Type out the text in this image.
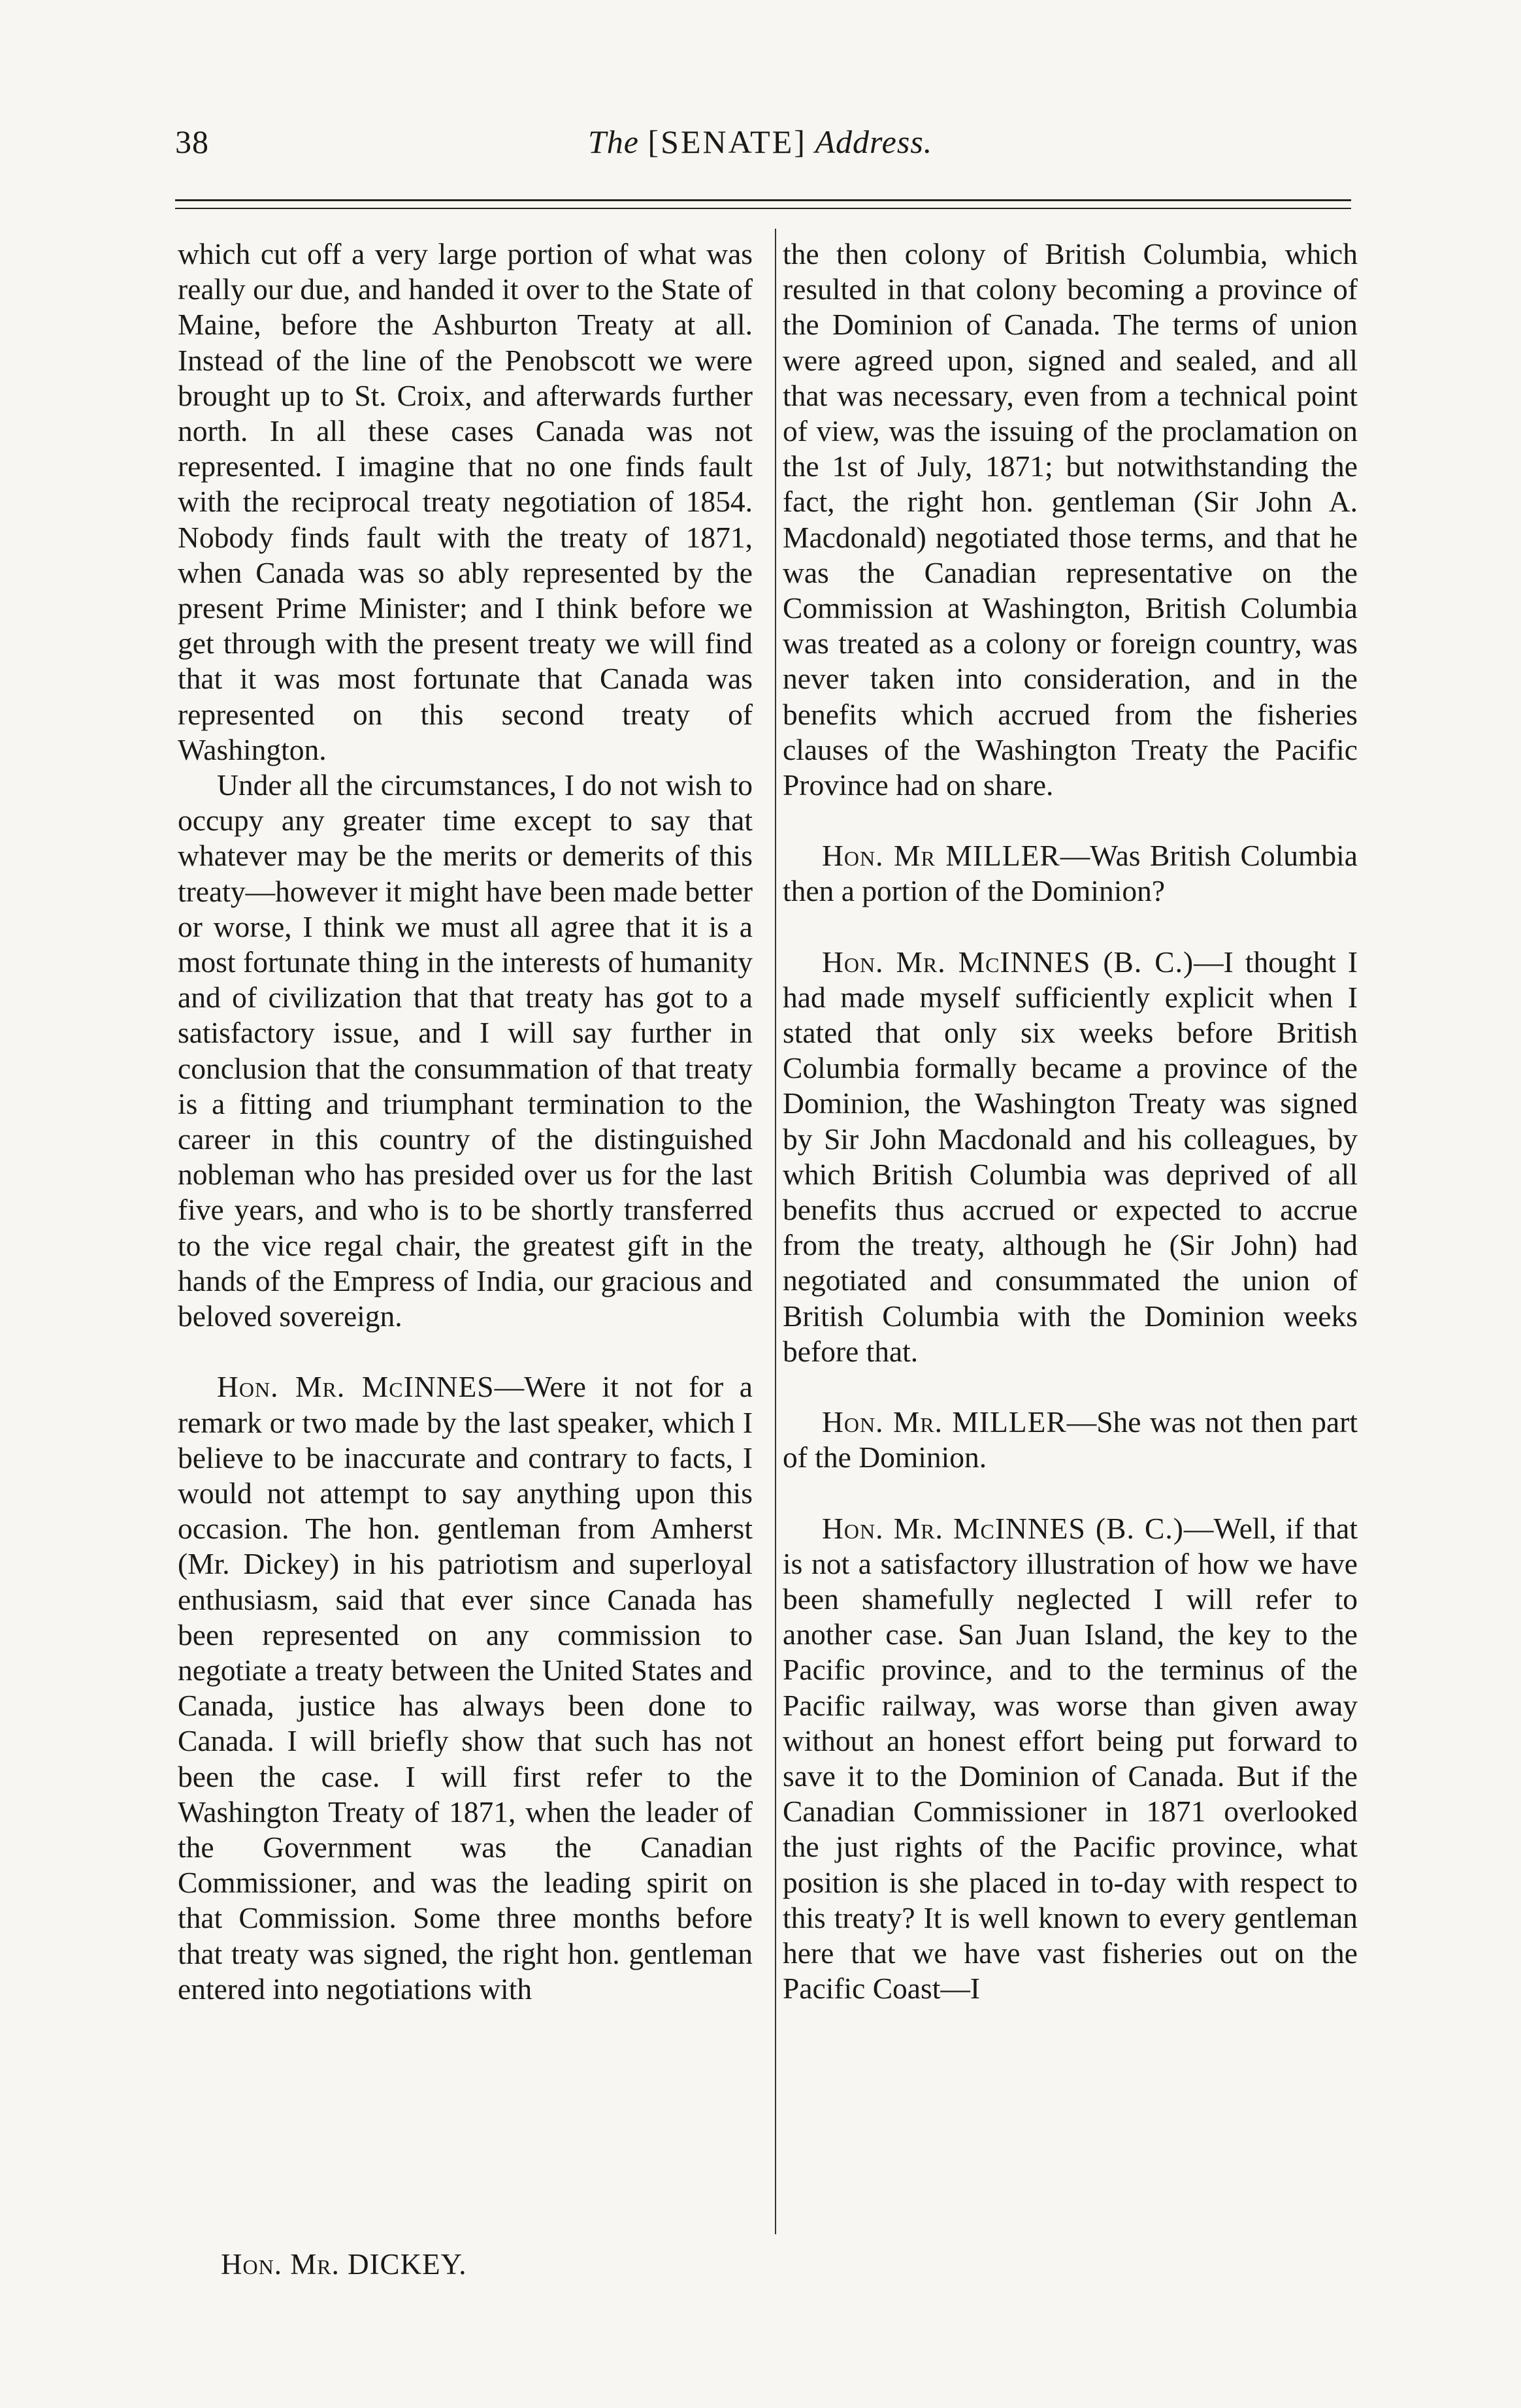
38	The [SENATE] Address.

which cut off a very large portion of what was really our due, and handed it over to the State of Maine, before the Ashburton Treaty at all. Instead of the line of the Penobscott we were brought up to St. Croix, and afterwards further north. In all these cases Canada was not represented. I imagine that no one finds fault with the reciprocal treaty negotiation of 1854. Nobody finds fault with the treaty of 1871, when Canada was so ably represented by the present Prime Minister; and I think before we get through with the present treaty we will find that it was most fortunate that Canada was represented on this second treaty of Washington.

Under all the circumstances, I do not wish to occupy any greater time except to say that whatever may be the merits or demerits of this treaty—however it might have been made better or worse, I think we must all agree that it is a most fortunate thing in the interests of humanity and of civilization that that treaty has got to a satisfactory issue, and I will say further in conclusion that the consummation of that treaty is a fitting and triumphant termination to the career in this country of the distinguished nobleman who has presided over us for the last five years, and who is to be shortly transferred to the vice regal chair, the greatest gift in the hands of the Empress of India, our gracious and beloved sovereign.

Hon. Mr. McINNES—Were it not for a remark or two made by the last speaker, which I believe to be inaccurate and contrary to facts, I would not attempt to say anything upon this occasion. The hon. gentleman from Amherst (Mr. Dickey) in his patriotism and superloyal enthusiasm, said that ever since Canada has been represented on any commission to negotiate a treaty between the United States and Canada, justice has always been done to Canada. I will briefly show that such has not been the case. I will first refer to the Washington Treaty of 1871, when the leader of the Government was the Canadian Commissioner, and was the leading spirit on that Commission. Some three months before that treaty was signed, the right hon. gentleman entered into negotiations with

the then colony of British Columbia, which resulted in that colony becoming a province of the Dominion of Canada. The terms of union were agreed upon, signed and sealed, and all that was necessary, even from a technical point of view, was the issuing of the proclamation on the 1st of July, 1871; but notwithstanding the fact, the right hon. gentleman (Sir John A. Macdonald) negotiated those terms, and that he was the Canadian representative on the Commission at Washington, British Columbia was treated as a colony or foreign country, was never taken into consideration, and in the benefits which accrued from the fisheries clauses of the Washington Treaty the Pacific Province had on share.

Hon. Mr MILLER—Was British Columbia then a portion of the Dominion?

Hon. Mr. McINNES (B. C.)—I thought I had made myself sufficiently explicit when I stated that only six weeks before British Columbia formally became a province of the Dominion, the Washington Treaty was signed by Sir John Macdonald and his colleagues, by which British Columbia was deprived of all benefits thus accrued or expected to accrue from the treaty, although he (Sir John) had negotiated and consummated the union of British Columbia with the Dominion weeks before that.

Hon. Mr. MILLER—She was not then part of the Dominion.

Hon. Mr. McINNES (B. C.)—Well, if that is not a satisfactory illustration of how we have been shamefully neglected I will refer to another case. San Juan Island, the key to the Pacific province, and to the terminus of the Pacific railway, was worse than given away without an honest effort being put forward to save it to the Dominion of Canada. But if the Canadian Commissioner in 1871 overlooked the just rights of the Pacific province, what position is she placed in to-day with respect to this treaty? It is well known to every gentleman here that we have vast fisheries out on the Pacific Coast—I

Hon. Mr. DICKEY.
